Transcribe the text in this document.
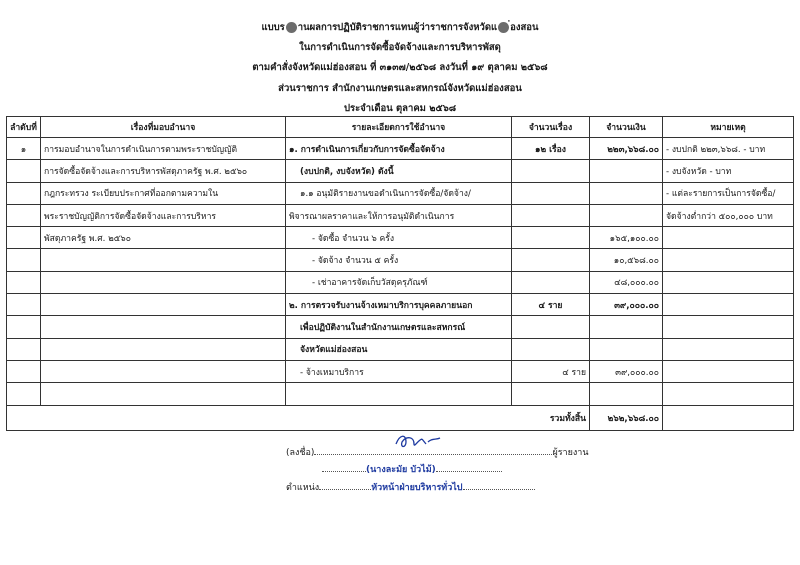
แบบร านผลการปฏิบัติราชการแทนผู้ว่าราชการจังหวัดแ ่องสอน
ในการดำเนินการจัดซื้อจัดจ้างและการบริหารพัสดุ
ตามคำสั่งจังหวัดแม่ฮ่องสอน ที่ ๓๑๓๗/๒๕๖๘ ลงวันที่ ๑๙ ตุลาคม ๒๕๖๘
ส่วนราชการ สำนักงานเกษตรและสหกรณ์จังหวัดแม่ฮ่องสอน
ประจำเดือน ตุลาคม ๒๕๖๘
ลำดับที่	เรื่องที่มอบอำนาจ	รายละเอียดการใช้อำนาจ	จำนวนเรื่อง	จำนวนเงิน	หมายเหตุ
๑	การมอบอำนาจในการดำเนินการตามพระราชบัญญัติ	๑. การดำเนินการเกี่ยวกับการจัดซื้อจัดจ้าง	๑๒ เรื่อง	๒๒๓,๖๖๘.๐๐	- งบปกติ ๒๒๓,๖๖๘. - บาท
	การจัดซื้อจัดจ้างและการบริหารพัสดุภาครัฐ พ.ศ. ๒๕๖๐	(งบปกติ, งบจังหวัด) ดังนี้			- งบจังหวัด - บาท
	กฎกระทรวง ระเบียบประกาศที่ออกตามความใน	๑.๑ อนุมัติรายงานขอดำเนินการจัดซื้อ/จัดจ้าง/			- แต่ละรายการเป็นการจัดซื้อ/
	พระราชบัญญัติการจัดซื้อจัดจ้างและการบริหาร	พิจารณาผลราคาและให้การอนุมัติดำเนินการ			จัดจ้างต่ำกว่า ๕๐๐,๐๐๐ บาท
	พัสดุภาครัฐ พ.ศ. ๒๕๖๐	- จัดซื้อ จำนวน ๖ ครั้ง		๑๖๕,๑๐๐.๐๐	
		- จัดจ้าง จำนวน ๕ ครั้ง		๑๐,๕๖๘.๐๐	
		- เช่าอาคารจัดเก็บวัสดุครุภัณฑ์		๔๘,๐๐๐.๐๐	
		๒. การตรวจรับงานจ้างเหมาบริการบุคคลภายนอก	๔ ราย	๓๙,๐๐๐.๐๐	
		เพื่อปฏิบัติงานในสำนักงานเกษตรและสหกรณ์			
		จังหวัดแม่ฮ่องสอน			
		- จ้างเหมาบริการ	๔ ราย	๓๙,๐๐๐.๐๐	

			รวมทั้งสิ้น	๒๖๒,๖๖๘.๐๐	
(ลงชื่อ)	ผู้รายงาน
(นางละมัย บัวไม้)
ตำแหน่ง	หัวหน้าฝ่ายบริหารทั่วไป
